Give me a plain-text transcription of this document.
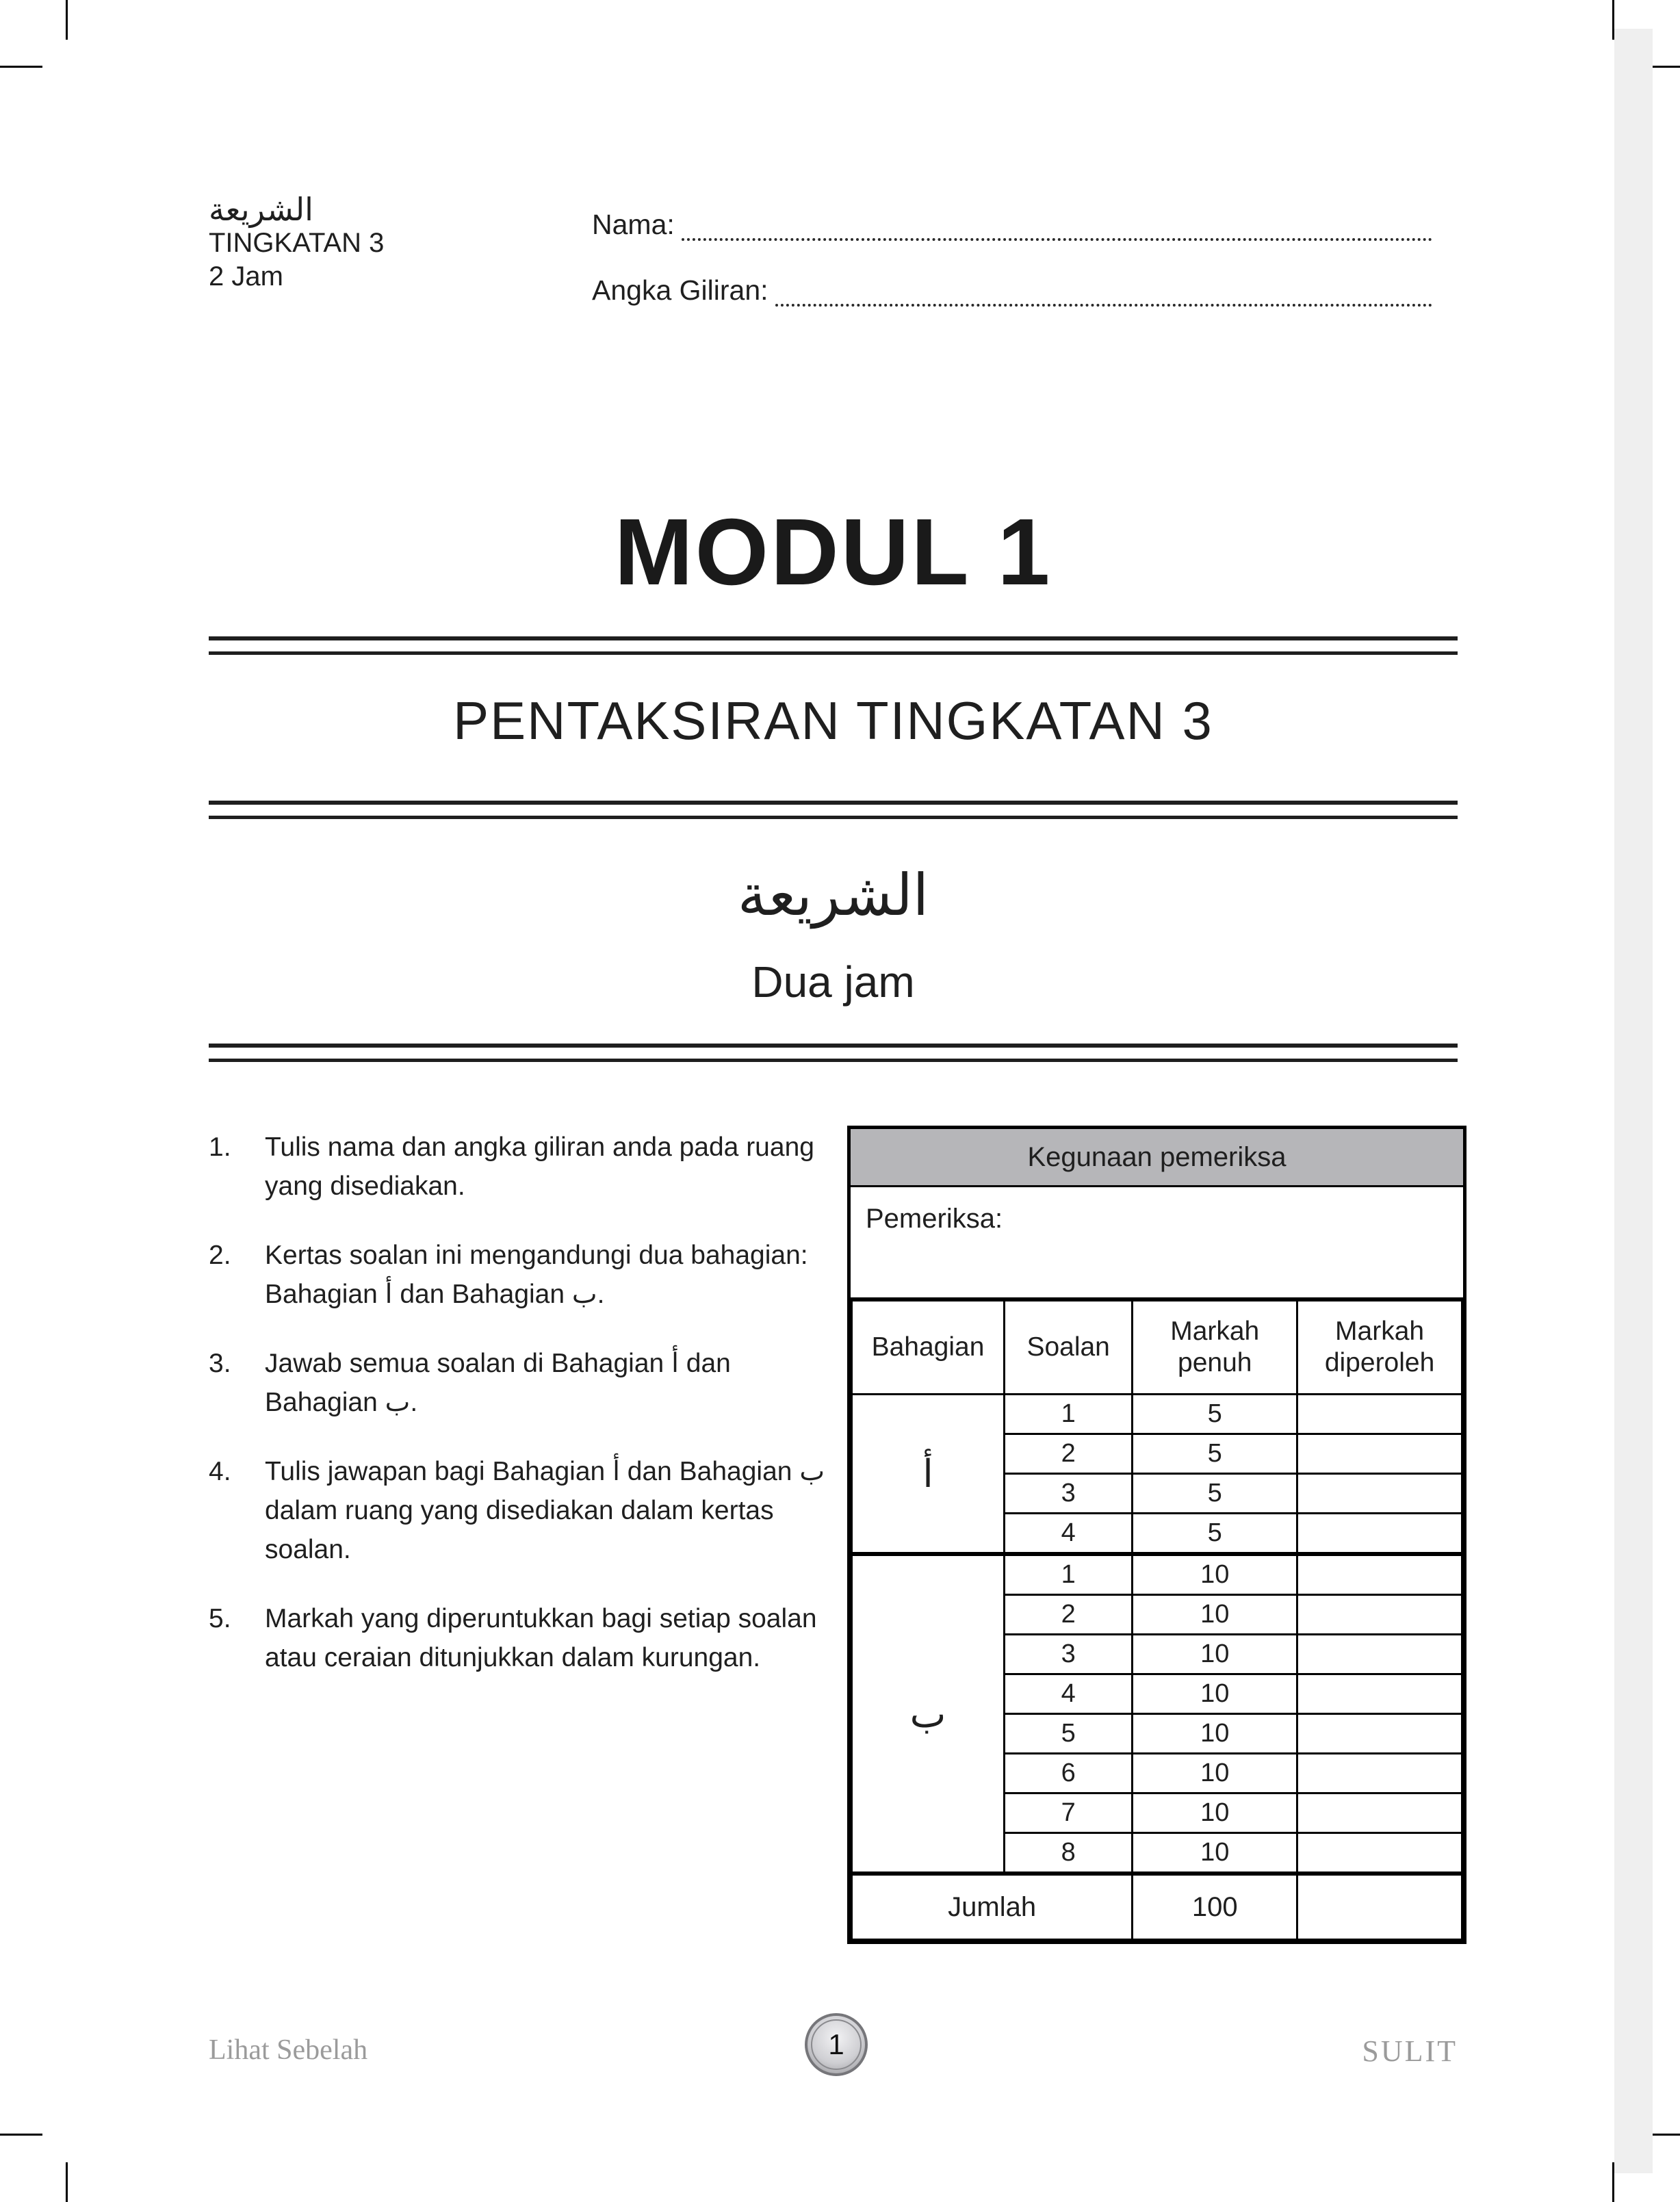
الشريعة
TINGKATAN 3
2 Jam
Nama:
Angka Giliran:
MODUL 1
PENTAKSIRAN TINGKATAN 3
الشريعة
Dua jam
1.	Tulis nama dan angka giliran anda pada ruang yang disediakan.
2.	Kertas soalan ini mengandungi dua bahagian: Bahagian أ dan Bahagian ب.
3.	Jawab semua soalan di Bahagian أ dan Bahagian ب.
4.	Tulis jawapan bagi Bahagian أ dan Bahagian ب dalam ruang yang disediakan dalam kertas soalan.
5.	Markah yang diperuntukkan bagi setiap soalan atau ceraian ditunjukkan dalam kurungan.
Kegunaan pemeriksa
Pemeriksa:
Bahagian	Soalan	Markah penuh	Markah diperoleh
أ	1	5	
	2	5	
	3	5	
	4	5	
ب	1	10	
	2	10	
	3	10	
	4	10	
	5	10	
	6	10	
	7	10	
	8	10	
Jumlah		100	
Lihat Sebelah	1	SULIT
